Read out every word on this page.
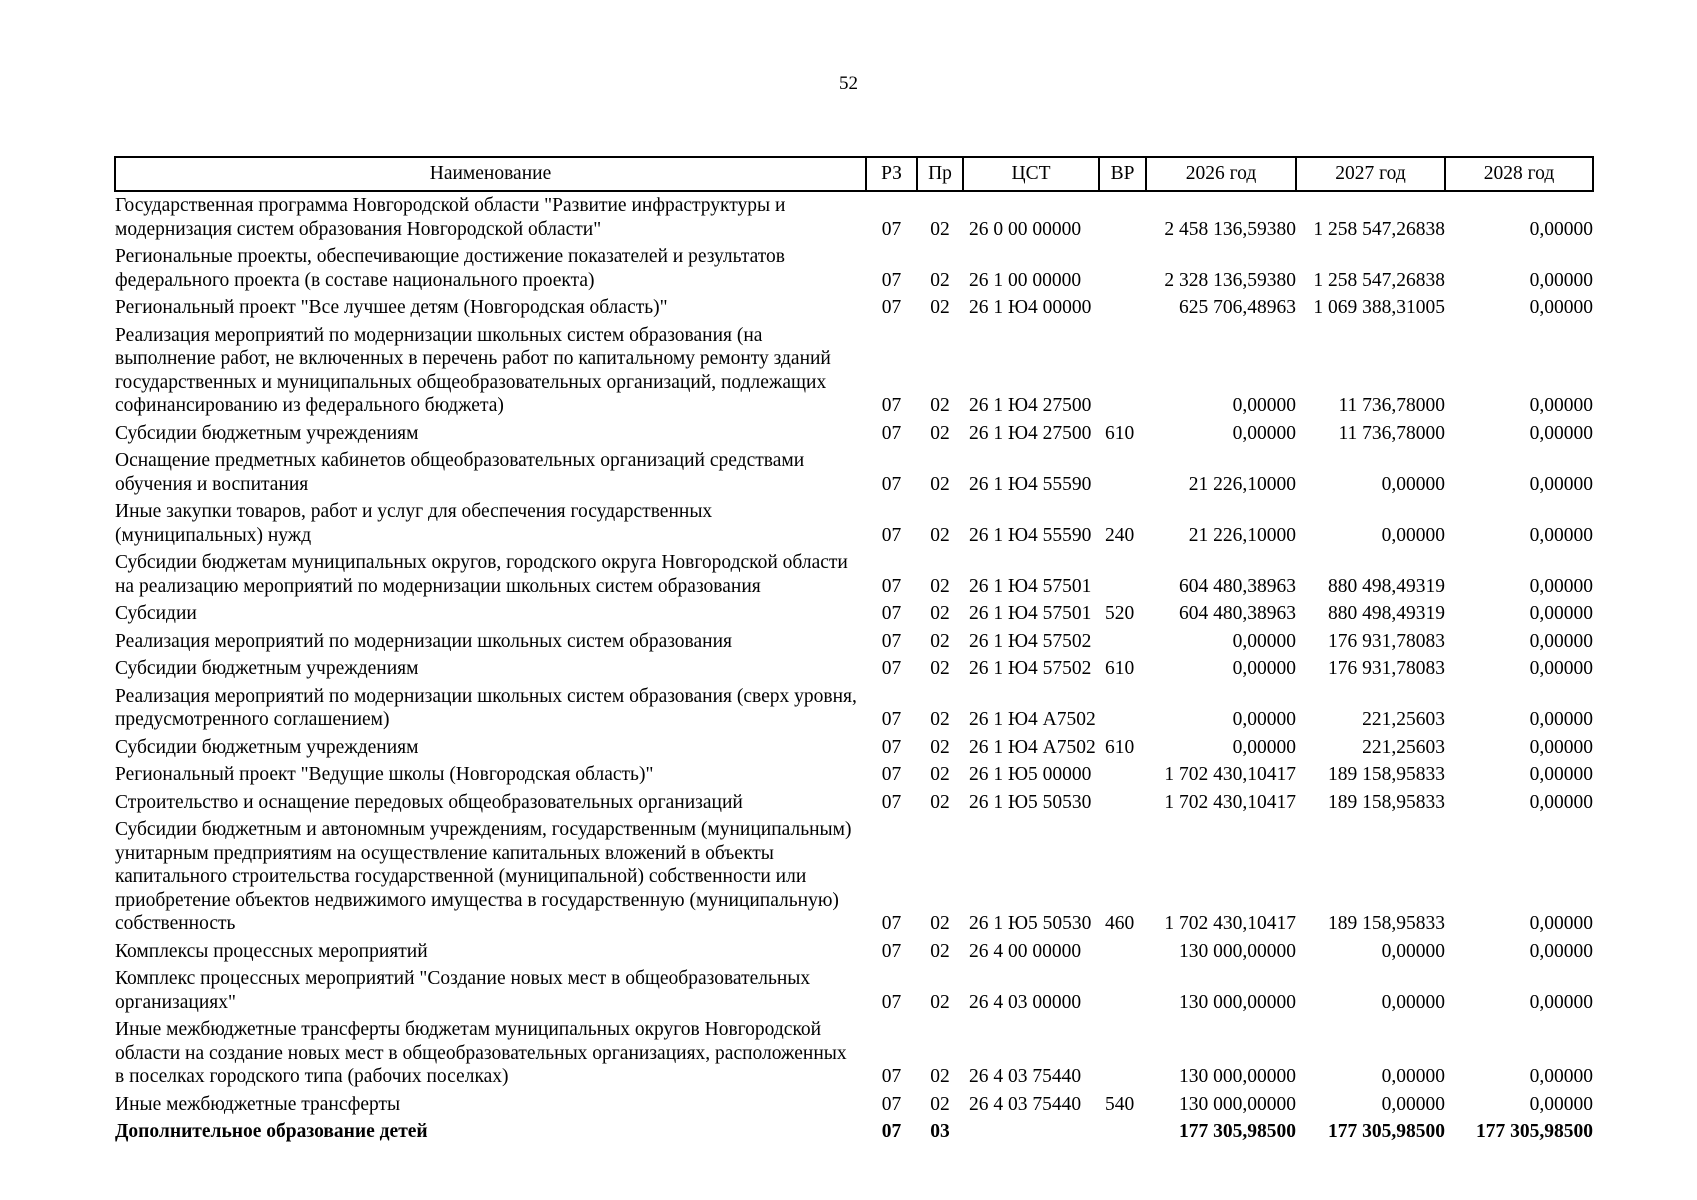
52
Наименование	РЗ	Пр	ЦСТ	ВР	2026 год	2027 год	2028 год
Государственная программа Новгородской области "Развитие инфраструктуры и модернизация систем образования Новгородской области"	07	02	26 0 00 00000		2 458 136,59380	1 258 547,26838	0,00000
Региональные проекты, обеспечивающие достижение показателей и результатов федерального проекта (в составе национального проекта)	07	02	26 1 00 00000		2 328 136,59380	1 258 547,26838	0,00000
Региональный проект "Все лучшее детям (Новгородская область)"	07	02	26 1 Ю4 00000		625 706,48963	1 069 388,31005	0,00000
Реализация мероприятий по модернизации школьных систем образования (на выполнение работ, не включенных в перечень работ по капитальному ремонту зданий государственных и муниципальных общеобразовательных организаций, подлежащих софинансированию из федерального бюджета)	07	02	26 1 Ю4 27500		0,00000	11 736,78000	0,00000
Субсидии бюджетным учреждениям	07	02	26 1 Ю4 27500	610	0,00000	11 736,78000	0,00000
Оснащение предметных кабинетов общеобразовательных организаций средствами обучения и воспитания	07	02	26 1 Ю4 55590		21 226,10000	0,00000	0,00000
Иные закупки товаров, работ и услуг для обеспечения государственных (муниципальных) нужд	07	02	26 1 Ю4 55590	240	21 226,10000	0,00000	0,00000
Субсидии бюджетам муниципальных округов, городского округа Новгородской области на реализацию мероприятий по модернизации школьных систем образования	07	02	26 1 Ю4 57501		604 480,38963	880 498,49319	0,00000
Субсидии	07	02	26 1 Ю4 57501	520	604 480,38963	880 498,49319	0,00000
Реализация мероприятий по модернизации школьных систем образования	07	02	26 1 Ю4 57502		0,00000	176 931,78083	0,00000
Субсидии бюджетным учреждениям	07	02	26 1 Ю4 57502	610	0,00000	176 931,78083	0,00000
Реализация мероприятий по модернизации школьных систем образования (сверх уровня, предусмотренного соглашением)	07	02	26 1 Ю4 А7502		0,00000	221,25603	0,00000
Субсидии бюджетным учреждениям	07	02	26 1 Ю4 А7502	610	0,00000	221,25603	0,00000
Региональный проект "Ведущие школы (Новгородская область)"	07	02	26 1 Ю5 00000		1 702 430,10417	189 158,95833	0,00000
Строительство и оснащение передовых общеобразовательных организаций	07	02	26 1 Ю5 50530		1 702 430,10417	189 158,95833	0,00000
Субсидии бюджетным и автономным учреждениям, государственным (муниципальным) унитарным предприятиям на осуществление капитальных вложений в объекты капитального строительства государственной (муниципальной) собственности или приобретение объектов недвижимого имущества в государственную (муниципальную) собственность	07	02	26 1 Ю5 50530	460	1 702 430,10417	189 158,95833	0,00000
Комплексы процессных мероприятий	07	02	26 4 00 00000		130 000,00000	0,00000	0,00000
Комплекс процессных мероприятий "Создание новых мест в общеобразовательных организациях"	07	02	26 4 03 00000		130 000,00000	0,00000	0,00000
Иные межбюджетные трансферты бюджетам муниципальных округов Новгородской области на создание новых мест в общеобразовательных организациях, расположенных в поселках городского типа (рабочих поселках)	07	02	26 4 03 75440		130 000,00000	0,00000	0,00000
Иные межбюджетные трансферты	07	02	26 4 03 75440	540	130 000,00000	0,00000	0,00000
Дополнительное образование детей	07	03			177 305,98500	177 305,98500	177 305,98500
